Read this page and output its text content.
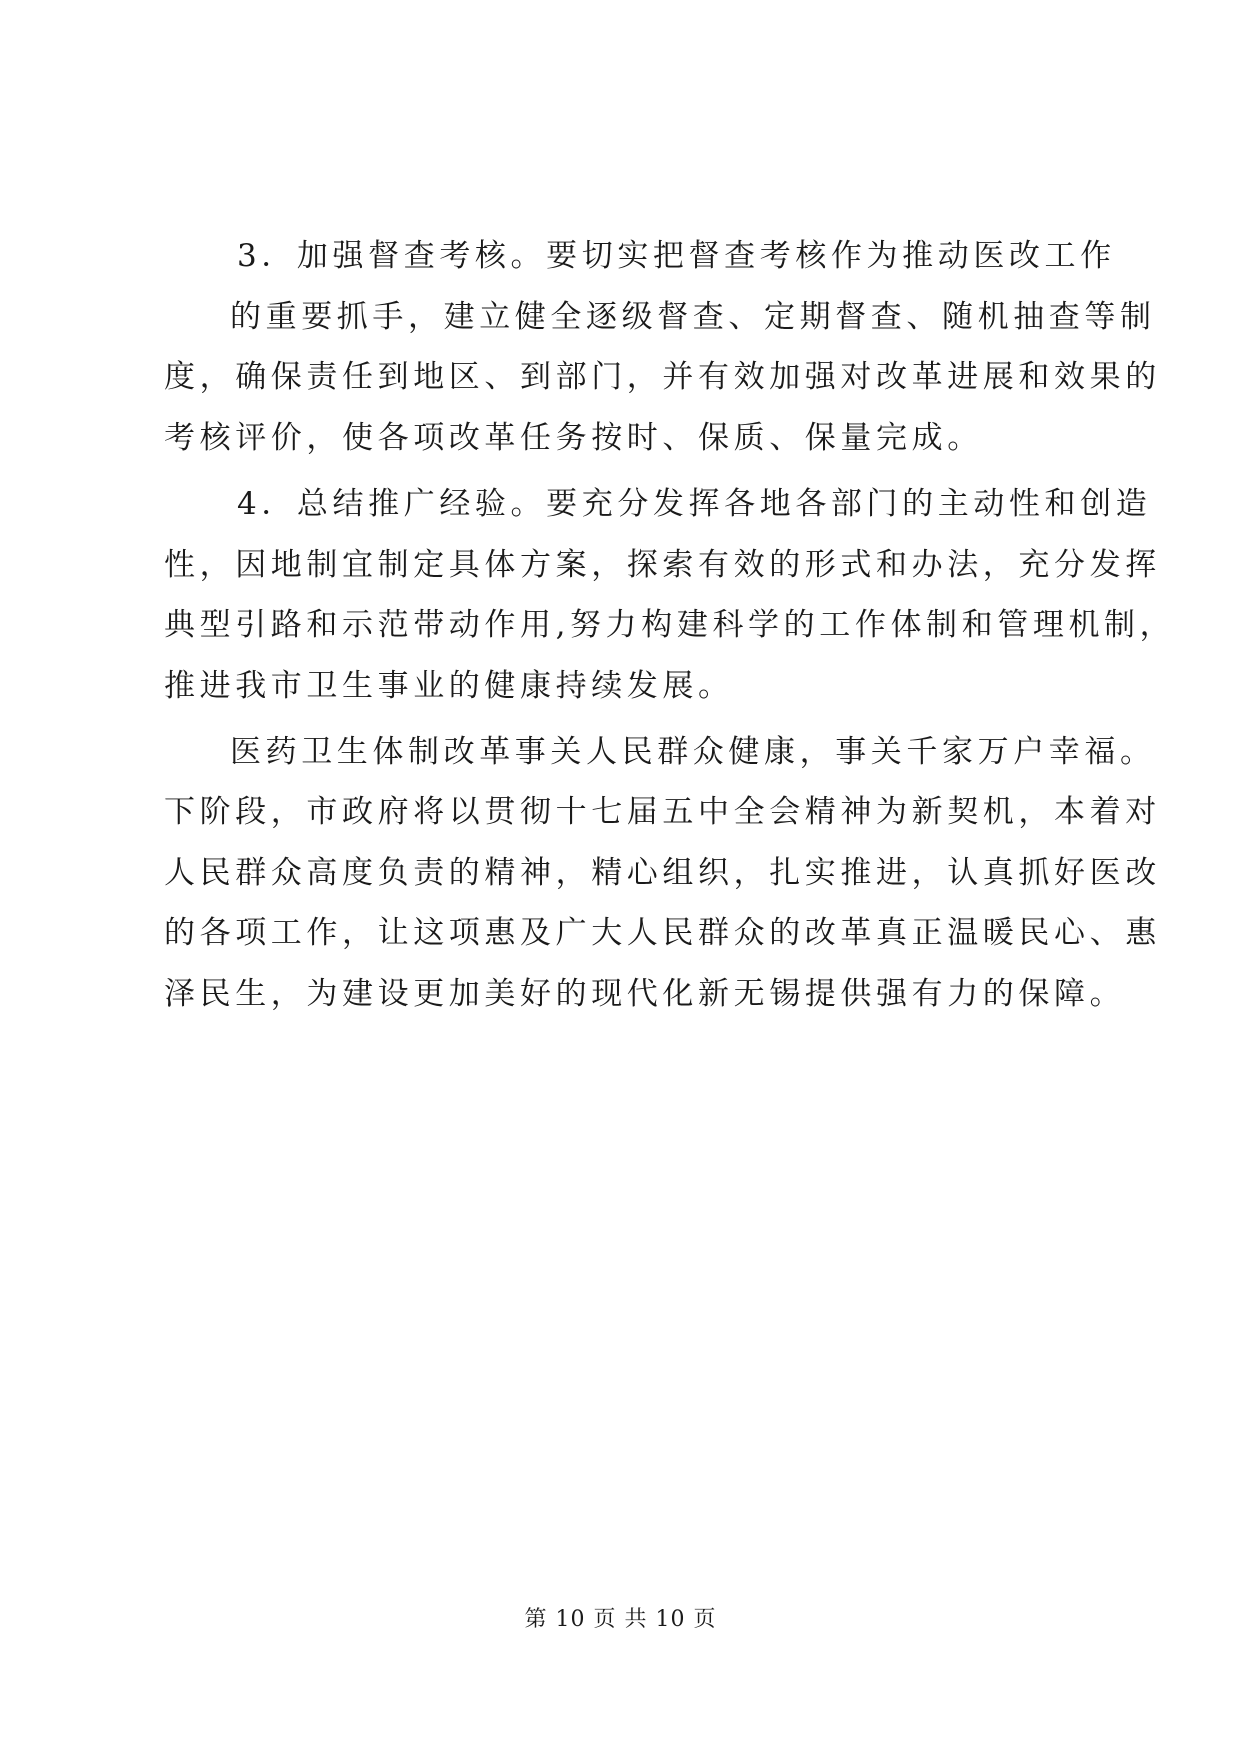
3．加强督查考核。要切实把督查考核作为推动医改工作
的重要抓手，建立健全逐级督查、定期督查、随机抽查等制
度，确保责任到地区、到部门，并有效加强对改革进展和效果的
考核评价，使各项改革任务按时、保质、保量完成。
4．总结推广经验。要充分发挥各地各部门的主动性和创造
性，因地制宜制定具体方案，探索有效的形式和办法，充分发挥
典型引路和示范带动作用,努力构建科学的工作体制和管理机制，
推进我市卫生事业的健康持续发展。
医药卫生体制改革事关人民群众健康，事关千家万户幸福。
下阶段，市政府将以贯彻十七届五中全会精神为新契机，本着对
人民群众高度负责的精神，精心组织，扎实推进，认真抓好医改
的各项工作，让这项惠及广大人民群众的改革真正温暖民心、惠
泽民生，为建设更加美好的现代化新无锡提供强有力的保障。
第 10 页 共 10 页
